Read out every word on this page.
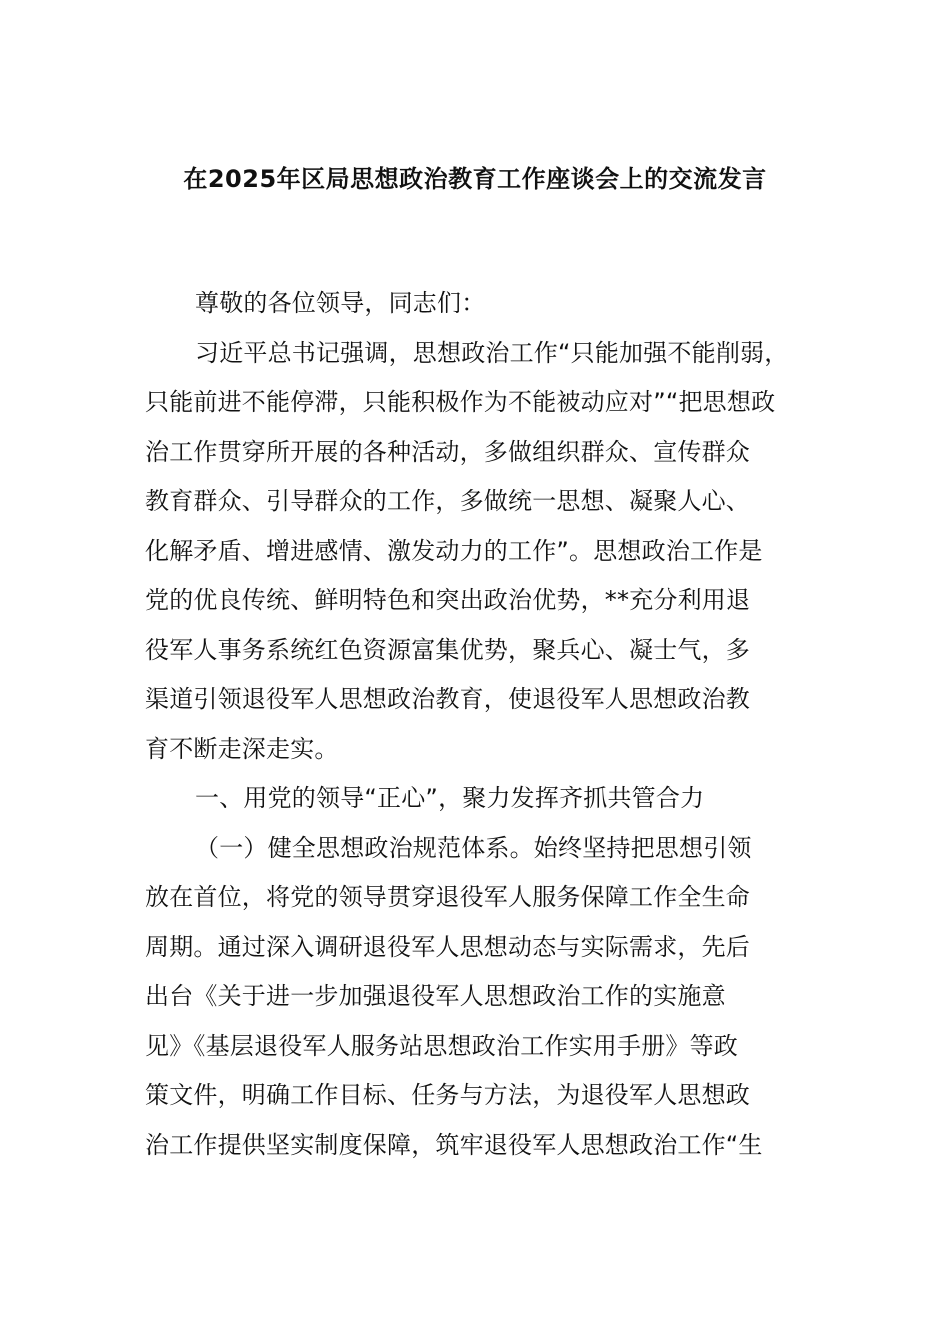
在2025年区局思想政治教育工作座谈会上的交流发言

尊敬的各位领导，同志们：

习近平总书记强调，思想政治工作“只能加强不能削弱，
只能前进不能停滞，只能积极作为不能被动应对”“把思想政
治工作贯穿所开展的各种活动，多做组织群众、宣传群众
教育群众、引导群众的工作，多做统一思想、凝聚人心、
化解矛盾、增进感情、激发动力的工作”。思想政治工作是
党的优良传统、鲜明特色和突出政治优势，**充分利用退
役军人事务系统红色资源富集优势，聚兵心、凝士气，多
渠道引领退役军人思想政治教育，使退役军人思想政治教
育不断走深走实。

一、用党的领导“正心”，聚力发挥齐抓共管合力

（一）健全思想政治规范体系。始终坚持把思想引领
放在首位，将党的领导贯穿退役军人服务保障工作全生命
周期。通过深入调研退役军人思想动态与实际需求，先后
出台《关于进一步加强退役军人思想政治工作的实施意
见》《基层退役军人服务站思想政治工作实用手册》等政
策文件，明确工作目标、任务与方法，为退役军人思想政
治工作提供坚实制度保障，筑牢退役军人思想政治工作“生
